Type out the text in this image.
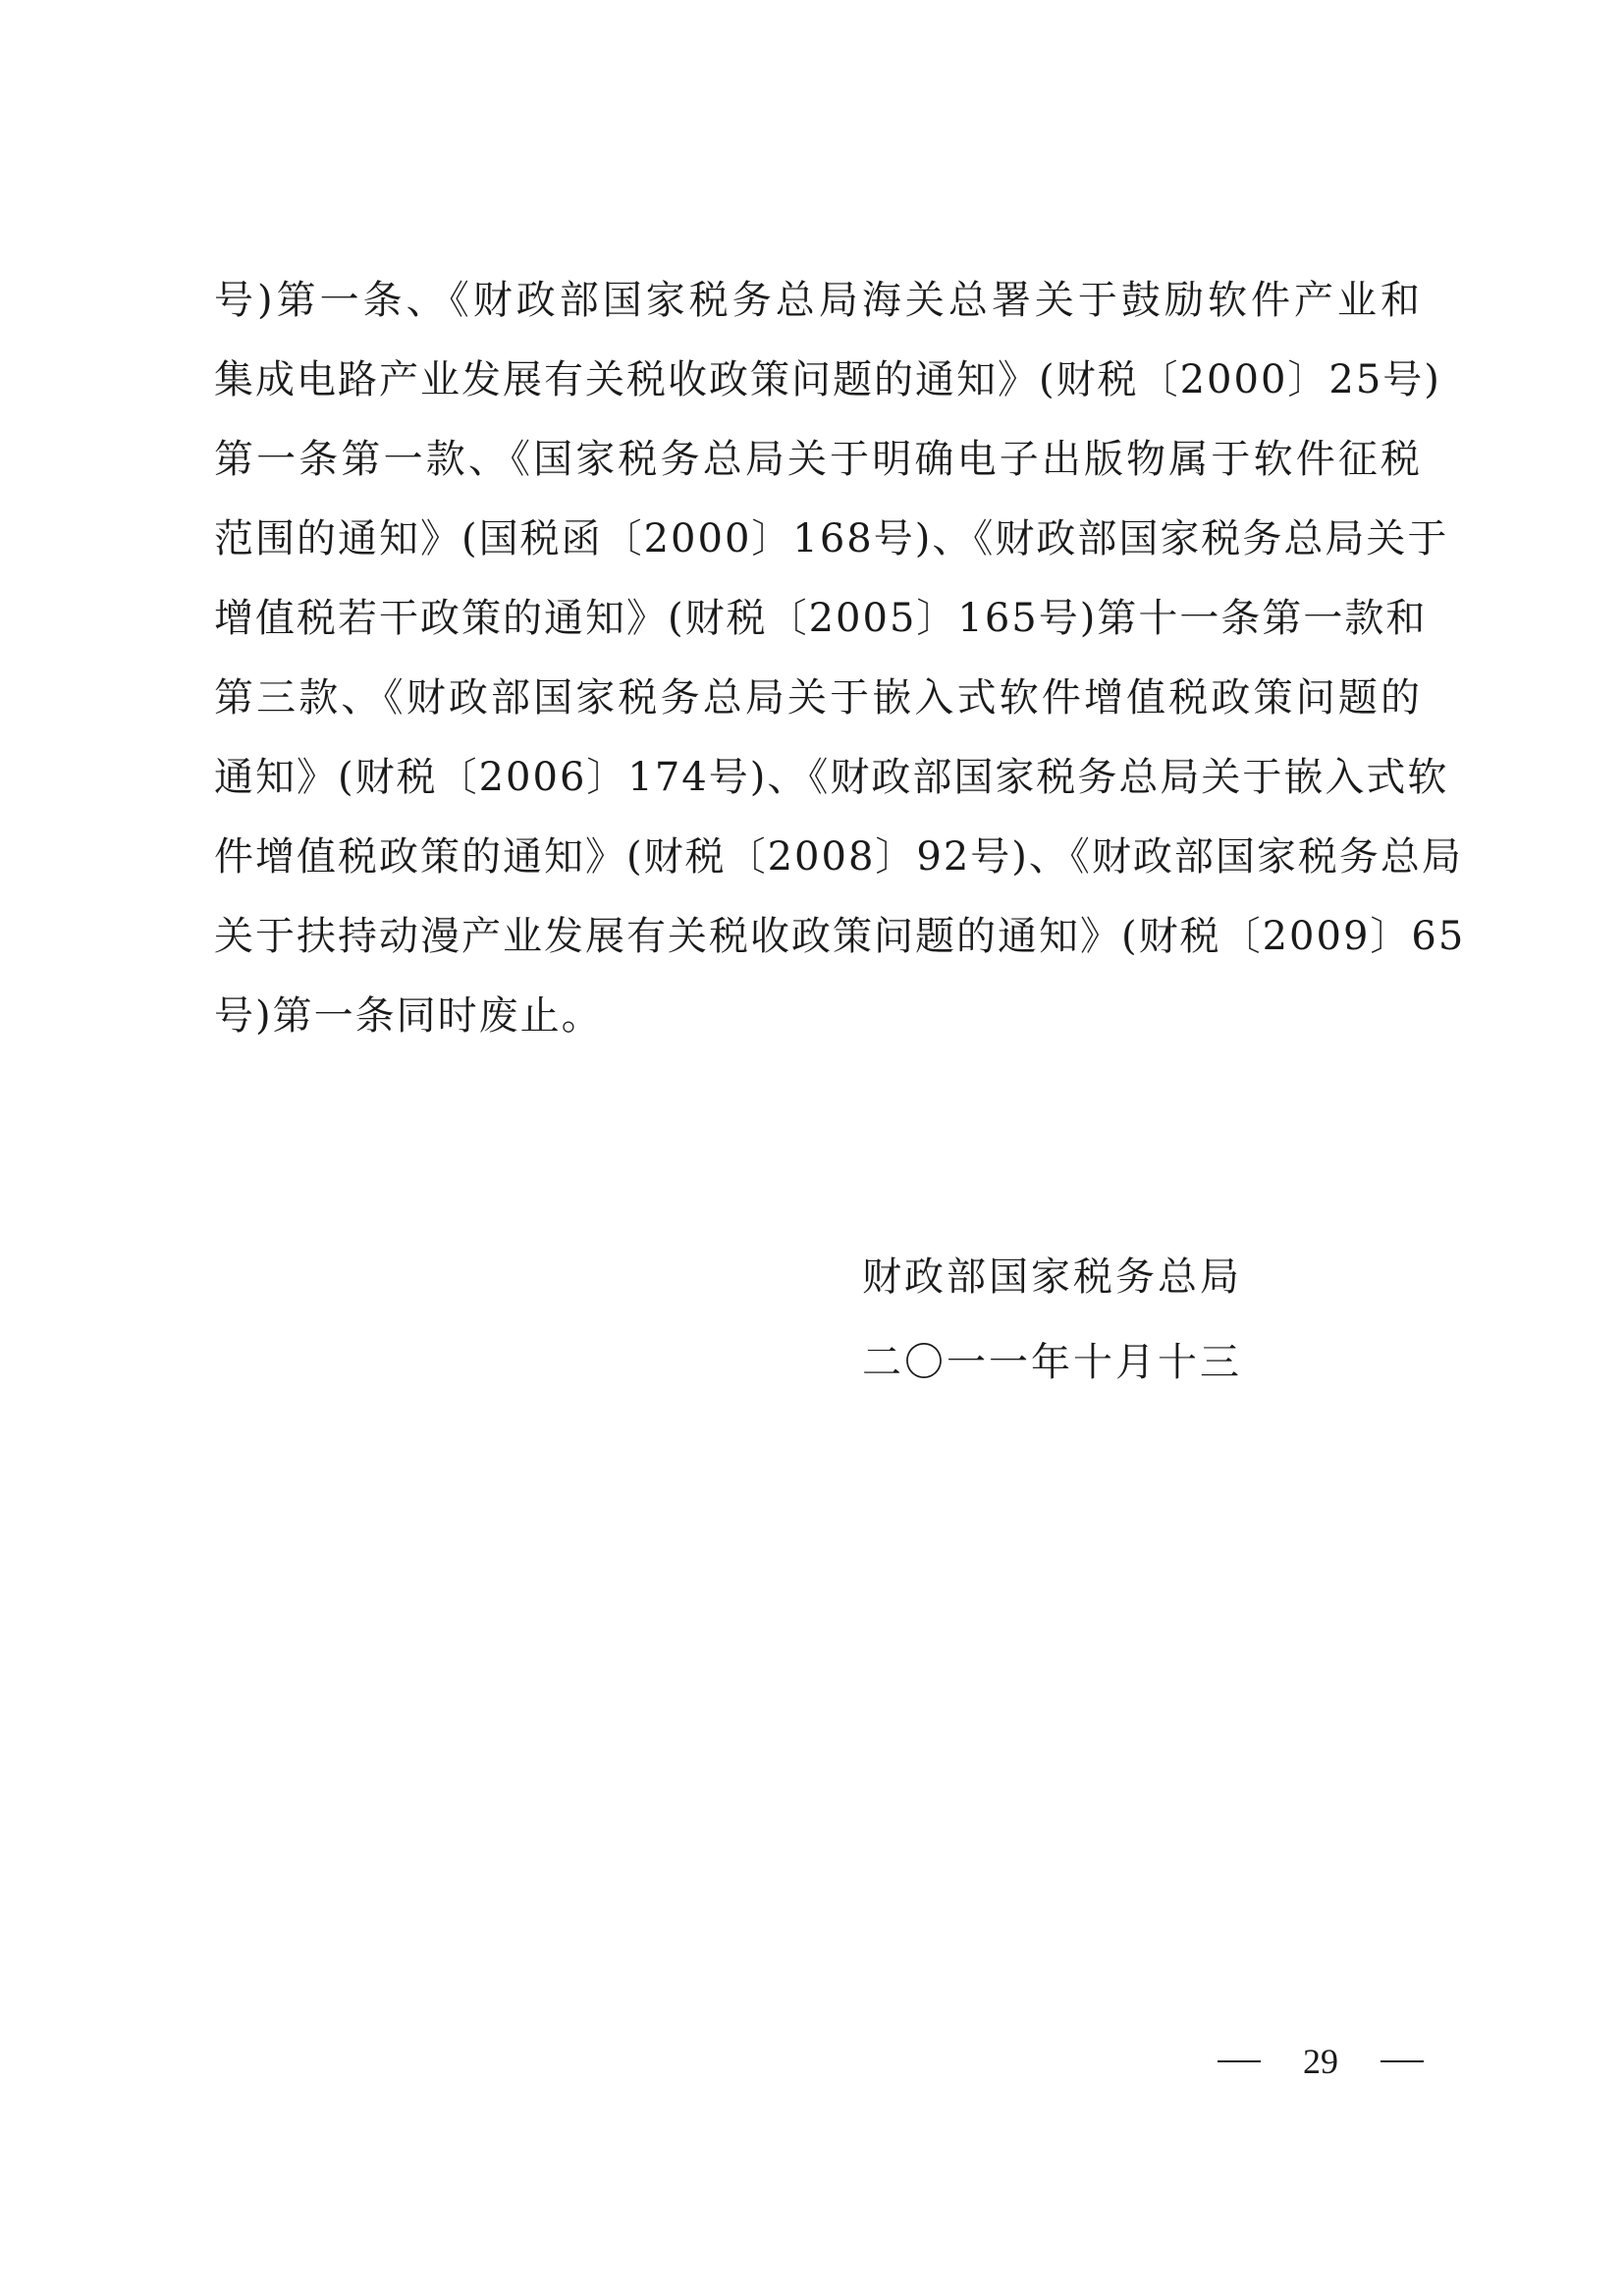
号)第一条、《财政部国家税务总局海关总署关于鼓励软件产业和
集成电路产业发展有关税收政策问题的通知》(财税〔2000〕25号)
第一条第一款、《国家税务总局关于明确电子出版物属于软件征税
范围的通知》(国税函〔2000〕168号)、《财政部国家税务总局关于
增值税若干政策的通知》(财税〔2005〕165号)第十一条第一款和
第三款、《财政部国家税务总局关于嵌入式软件增值税政策问题的
通知》(财税〔2006〕174号)、《财政部国家税务总局关于嵌入式软
件增值税政策的通知》(财税〔2008〕92号)、《财政部国家税务总局
关于扶持动漫产业发展有关税收政策问题的通知》(财税〔2009〕65
号)第一条同时废止。
财政部国家税务总局
二〇一一年十月十三
29
